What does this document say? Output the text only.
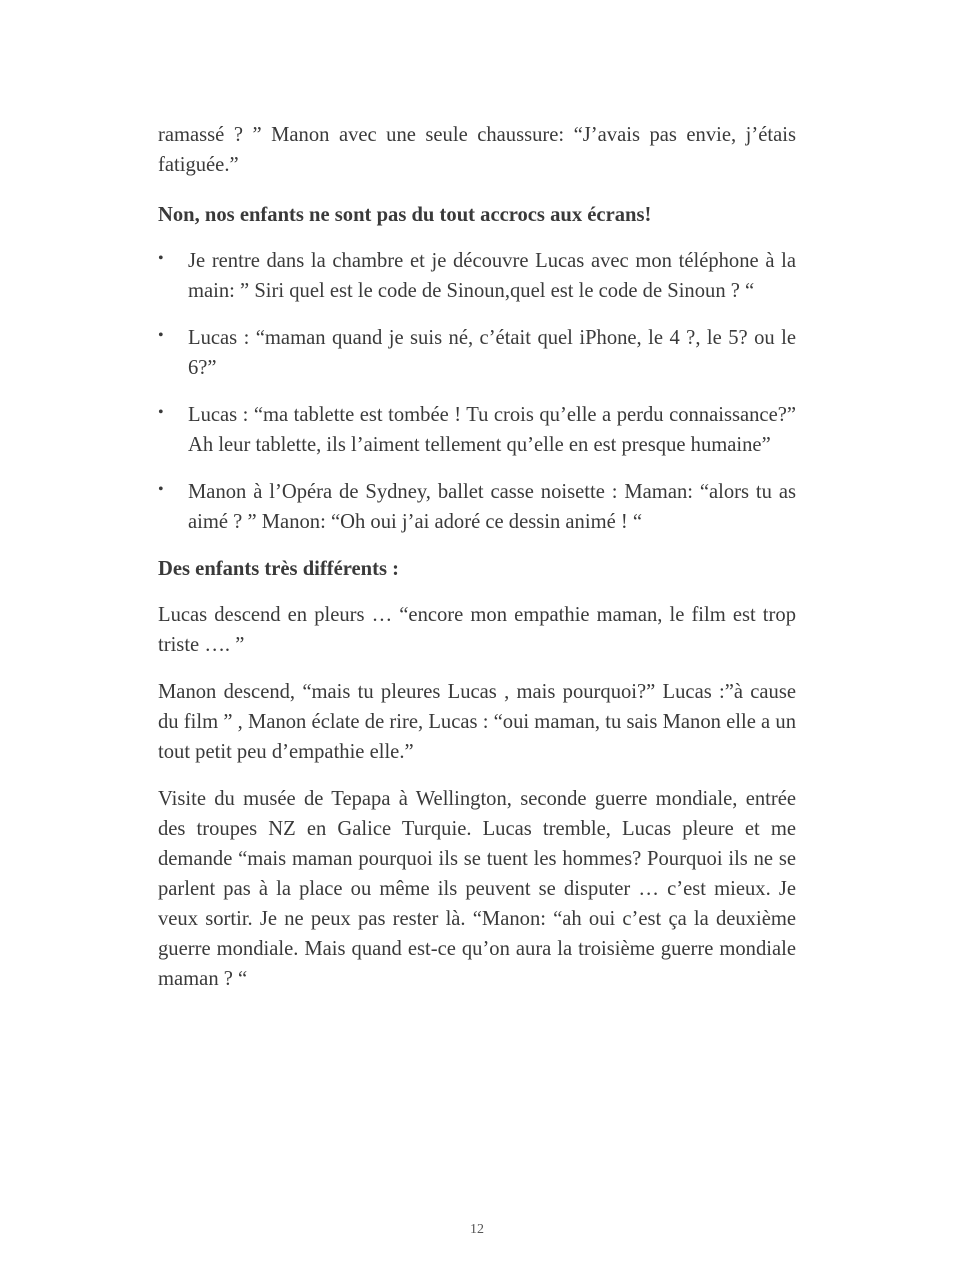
ramassé ? ” Manon avec une seule chaussure: “J’avais pas envie, j’étais fatiguée.”

Non, nos enfants ne sont pas du tout accrocs aux écrans!

• Je rentre dans la chambre et je découvre Lucas avec mon téléphone à la main: ” Siri quel est le code de Sinoun,quel est le code de Sinoun ? “

• Lucas : “maman quand je suis né, c’était quel iPhone, le 4 ?, le 5? ou le 6?”

• Lucas : “ma tablette est tombée ! Tu crois qu’elle a perdu connaissance?” Ah leur tablette, ils l’aiment tellement qu’elle en est presque humaine”

• Manon à l’Opéra de Sydney, ballet casse noisette : Maman: “alors tu as aimé ? ” Manon: “Oh oui j’ai adoré ce dessin animé ! “

Des enfants très différents :

Lucas descend en pleurs … “encore mon empathie maman, le film est trop triste …. ”

Manon descend, “mais tu pleures Lucas , mais pourquoi?” Lucas :”à cause du film ” , Manon éclate de rire, Lucas : “oui maman, tu sais Manon elle a un tout petit peu d’empathie elle.”

Visite du musée de Tepapa à Wellington, seconde guerre mondiale, entrée des troupes NZ en Galice Turquie. Lucas tremble, Lucas pleure et me demande “mais maman pourquoi ils se tuent les hommes? Pourquoi ils ne se parlent pas à la place ou même ils peuvent se disputer … c’est mieux. Je veux sortir. Je ne peux pas rester là. “Manon: “ah oui c’est ça la deuxième guerre mondiale. Mais quand est-ce qu’on aura la troisième guerre mondiale maman ? “

12
